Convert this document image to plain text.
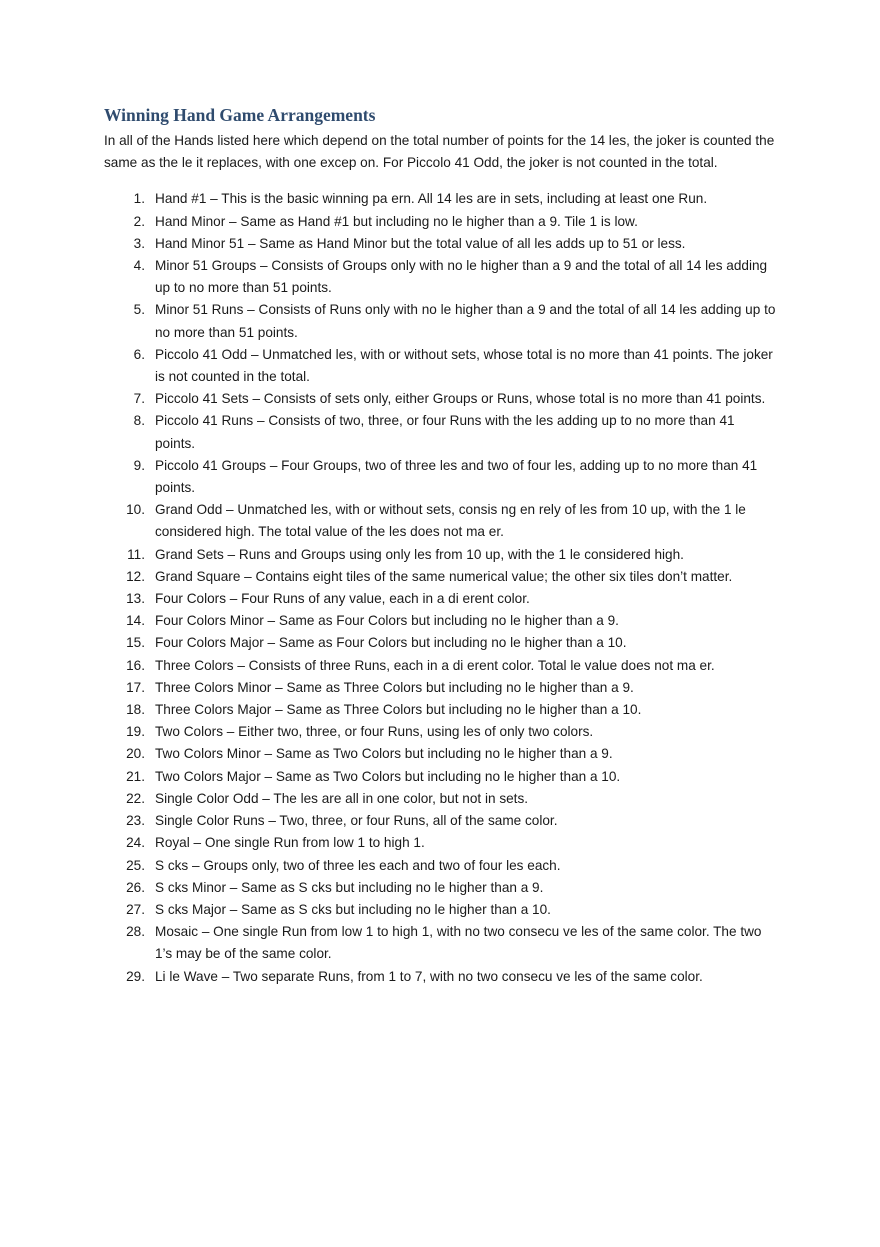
Winning Hand Game Arrangements

In all of the Hands listed here which depend on the total number of points for the 14 les, the joker is counted the same as the le it replaces, with one excep on. For Piccolo 41 Odd, the joker is not counted in the total.

1. Hand #1 – This is the basic winning pa ern. All 14 les are in sets, including at least one Run.
2. Hand Minor – Same as Hand #1 but including no le higher than a 9. Tile 1 is low.
3. Hand Minor 51 – Same as Hand Minor but the total value of all les adds up to 51 or less.
4. Minor 51 Groups – Consists of Groups only with no le higher than a 9 and the total of all 14 les adding up to no more than 51 points.
5. Minor 51 Runs – Consists of Runs only with no le higher than a 9 and the total of all 14 les adding up to no more than 51 points.
6. Piccolo 41 Odd – Unmatched les, with or without sets, whose total is no more than 41 points. The joker is not counted in the total.
7. Piccolo 41 Sets – Consists of sets only, either Groups or Runs, whose total is no more than 41 points.
8. Piccolo 41 Runs – Consists of two, three, or four Runs with the les adding up to no more than 41 points.
9. Piccolo 41 Groups – Four Groups, two of three les and two of four les, adding up to no more than 41 points.
10. Grand Odd – Unmatched les, with or without sets, consis ng en rely of les from 10 up, with the 1 le considered high. The total value of the les does not ma er.
11. Grand Sets – Runs and Groups using only les from 10 up, with the 1 le considered high.
12. Grand Square – Contains eight tiles of the same numerical value; the other six tiles don’t matter.
13. Four Colors – Four Runs of any value, each in a di erent color.
14. Four Colors Minor – Same as Four Colors but including no le higher than a 9.
15. Four Colors Major – Same as Four Colors but including no le higher than a 10.
16. Three Colors – Consists of three Runs, each in a di erent color. Total le value does not ma er.
17. Three Colors Minor – Same as Three Colors but including no le higher than a 9.
18. Three Colors Major – Same as Three Colors but including no le higher than a 10.
19. Two Colors – Either two, three, or four Runs, using les of only two colors.
20. Two Colors Minor – Same as Two Colors but including no le higher than a 9.
21. Two Colors Major – Same as Two Colors but including no le higher than a 10.
22. Single Color Odd – The les are all in one color, but not in sets.
23. Single Color Runs – Two, three, or four Runs, all of the same color.
24. Royal – One single Run from low 1 to high 1.
25. S cks – Groups only, two of three les each and two of four les each.
26. S cks Minor – Same as S cks but including no le higher than a 9.
27. S cks Major – Same as S cks but including no le higher than a 10.
28. Mosaic – One single Run from low 1 to high 1, with no two consecu ve les of the same color. The two 1’s may be of the same color.
29. Li le Wave – Two separate Runs, from 1 to 7, with no two consecu ve les of the same color.
